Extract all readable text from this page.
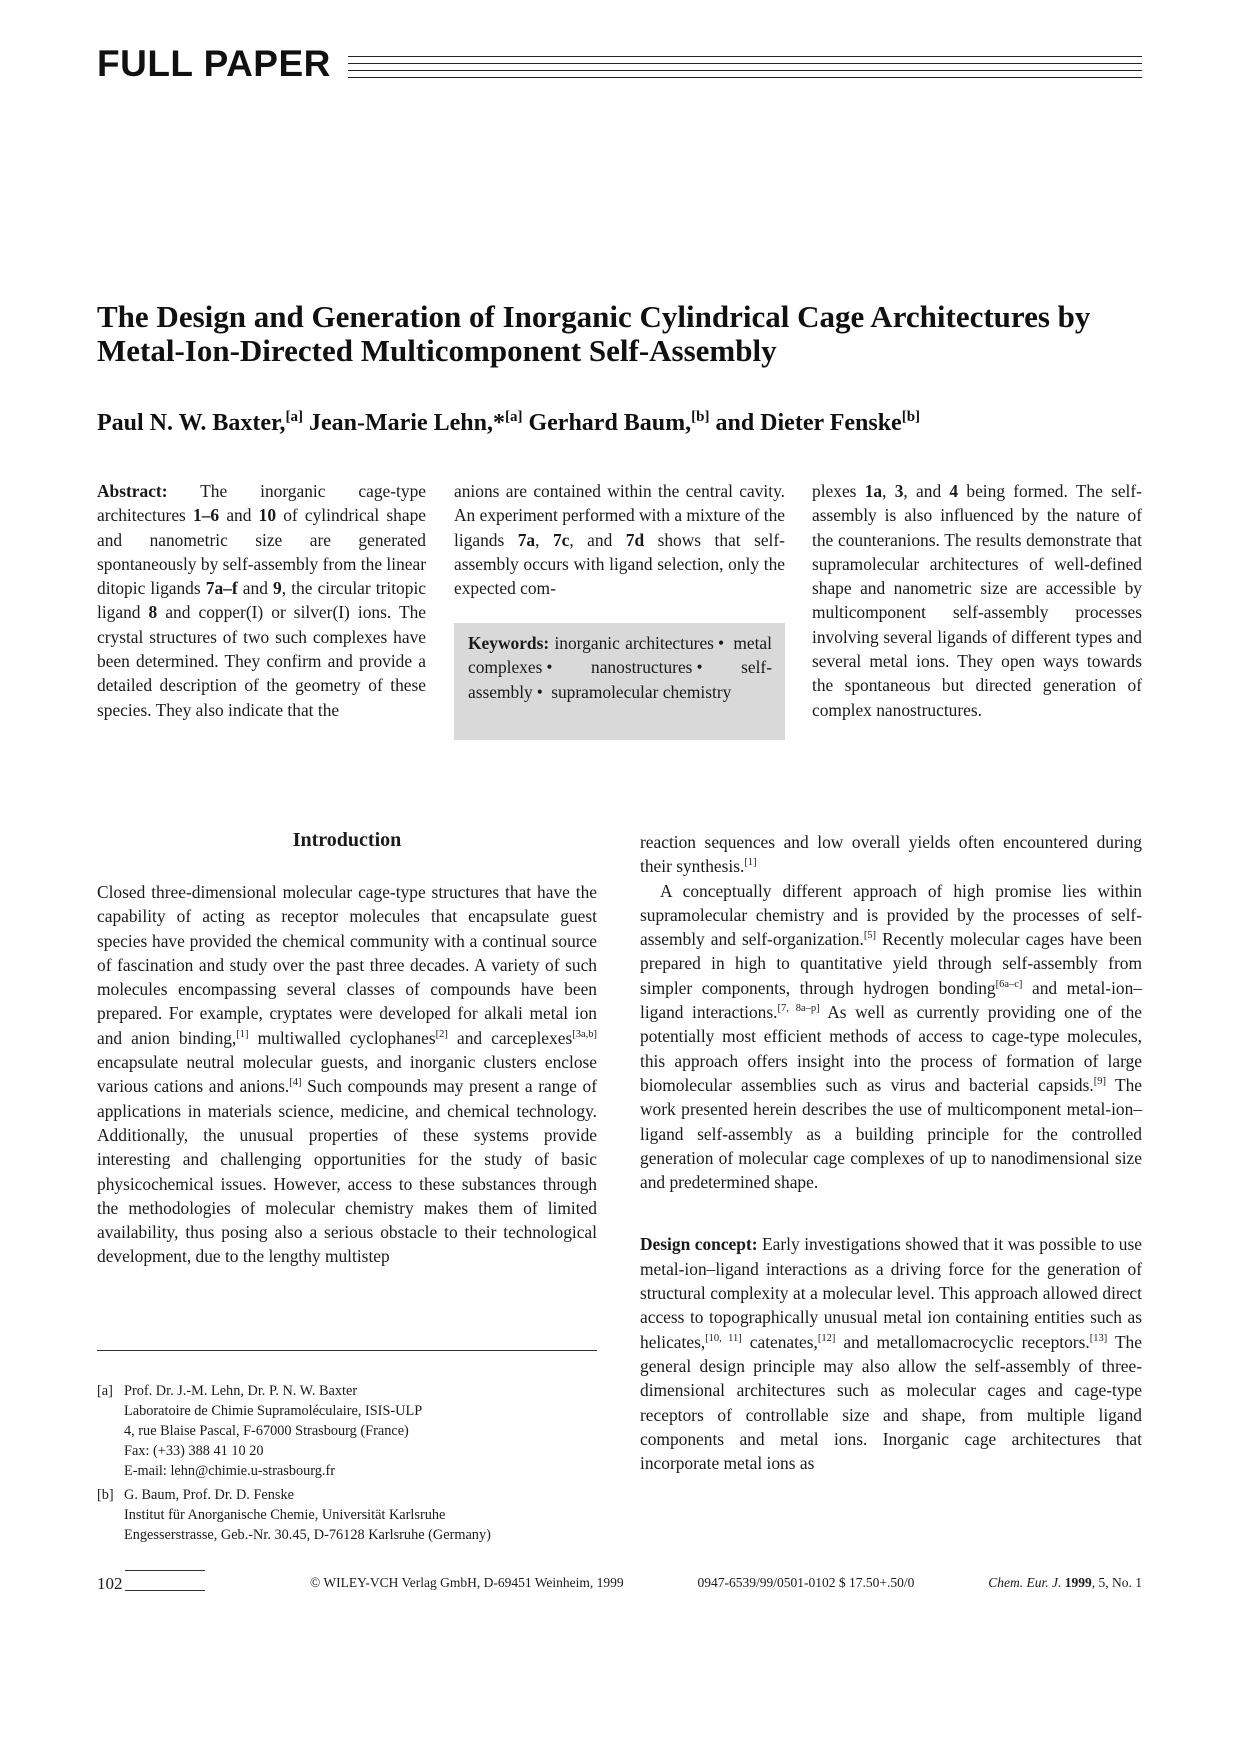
FULL PAPER
The Design and Generation of Inorganic Cylindrical Cage Architectures by Metal-Ion-Directed Multicomponent Self-Assembly
Paul N. W. Baxter,[a] Jean-Marie Lehn,*[a] Gerhard Baum,[b] and Dieter Fenske[b]
Abstract: The inorganic cage-type architectures 1–6 and 10 of cylindrical shape and nanometric size are generated spontaneously by self-assembly from the linear ditopic ligands 7a–f and 9, the circular tritopic ligand 8 and copper(I) or silver(I) ions. The crystal structures of two such complexes have been determined. They confirm and provide a detailed description of the geometry of these species. They also indicate that the
anions are contained within the central cavity. An experiment performed with a mixture of the ligands 7a, 7c, and 7d shows that self-assembly occurs with ligand selection, only the expected com-
Keywords: inorganic architectures • metal complexes • nanostructures • self-assembly • supramolecular chemistry
plexes 1a, 3, and 4 being formed. The self-assembly is also influenced by the nature of the counteranions. The results demonstrate that supramolecular architectures of well-defined shape and nanometric size are accessible by multicomponent self-assembly processes involving several ligands of different types and several metal ions. They open ways towards the spontaneous but directed generation of complex nanostructures.
Introduction
Closed three-dimensional molecular cage-type structures that have the capability of acting as receptor molecules that encapsulate guest species have provided the chemical community with a continual source of fascination and study over the past three decades. A variety of such molecules encompassing several classes of compounds have been prepared. For example, cryptates were developed for alkali metal ion and anion binding,[1] multiwalled cyclophanes[2] and carceplexes[3a,b] encapsulate neutral molecular guests, and inorganic clusters enclose various cations and anions.[4] Such compounds may present a range of applications in materials science, medicine, and chemical technology. Additionally, the unusual properties of these systems provide interesting and challenging opportunities for the study of basic physicochemical issues. However, access to these substances through the methodologies of molecular chemistry makes them of limited availability, thus posing also a serious obstacle to their technological development, due to the lengthy multistep

reaction sequences and low overall yields often encountered during their synthesis.[1]

A conceptually different approach of high promise lies within supramolecular chemistry and is provided by the processes of self-assembly and self-organization.[5] Recently molecular cages have been prepared in high to quantitative yield through self-assembly from simpler components, through hydrogen bonding[6a–c] and metal-ion–ligand interactions.[7, 8a–p] As well as currently providing one of the potentially most efficient methods of access to cage-type molecules, this approach offers insight into the process of formation of large biomolecular assemblies such as virus and bacterial capsids.[9] The work presented herein describes the use of multicomponent metal-ion–ligand self-assembly as a building principle for the controlled generation of molecular cage complexes of up to nanodimensional size and predetermined shape.

Design concept: Early investigations showed that it was possible to use metal-ion–ligand interactions as a driving force for the generation of structural complexity at a molecular level. This approach allowed direct access to topographically unusual metal ion containing entities such as helicates,[10, 11] catenates,[12] and metallomacrocyclic receptors.[13] The general design principle may also allow the self-assembly of three-dimensional architectures such as molecular cages and cage-type receptors of controllable size and shape, from multiple ligand components and metal ions. Inorganic cage architectures that incorporate metal ions as

[a] Prof. Dr. J.-M. Lehn, Dr. P. N. W. Baxter
Laboratoire de Chimie Supramoléculaire, ISIS-ULP
4, rue Blaise Pascal, F-67000 Strasbourg (France)
Fax: (+33) 388 41 10 20
E-mail: lehn@chimie.u-strasbourg.fr
[b] G. Baum, Prof. Dr. D. Fenske
Institut für Anorganische Chemie, Universität Karlsruhe
Engesserstrasse, Geb.-Nr. 30.45, D-76128 Karlsruhe (Germany)
102	© WILEY-VCH Verlag GmbH, D-69451 Weinheim, 1999	0947-6539/99/0501-0102 $ 17.50+.50/0	Chem. Eur. J. 1999, 5, No. 1
